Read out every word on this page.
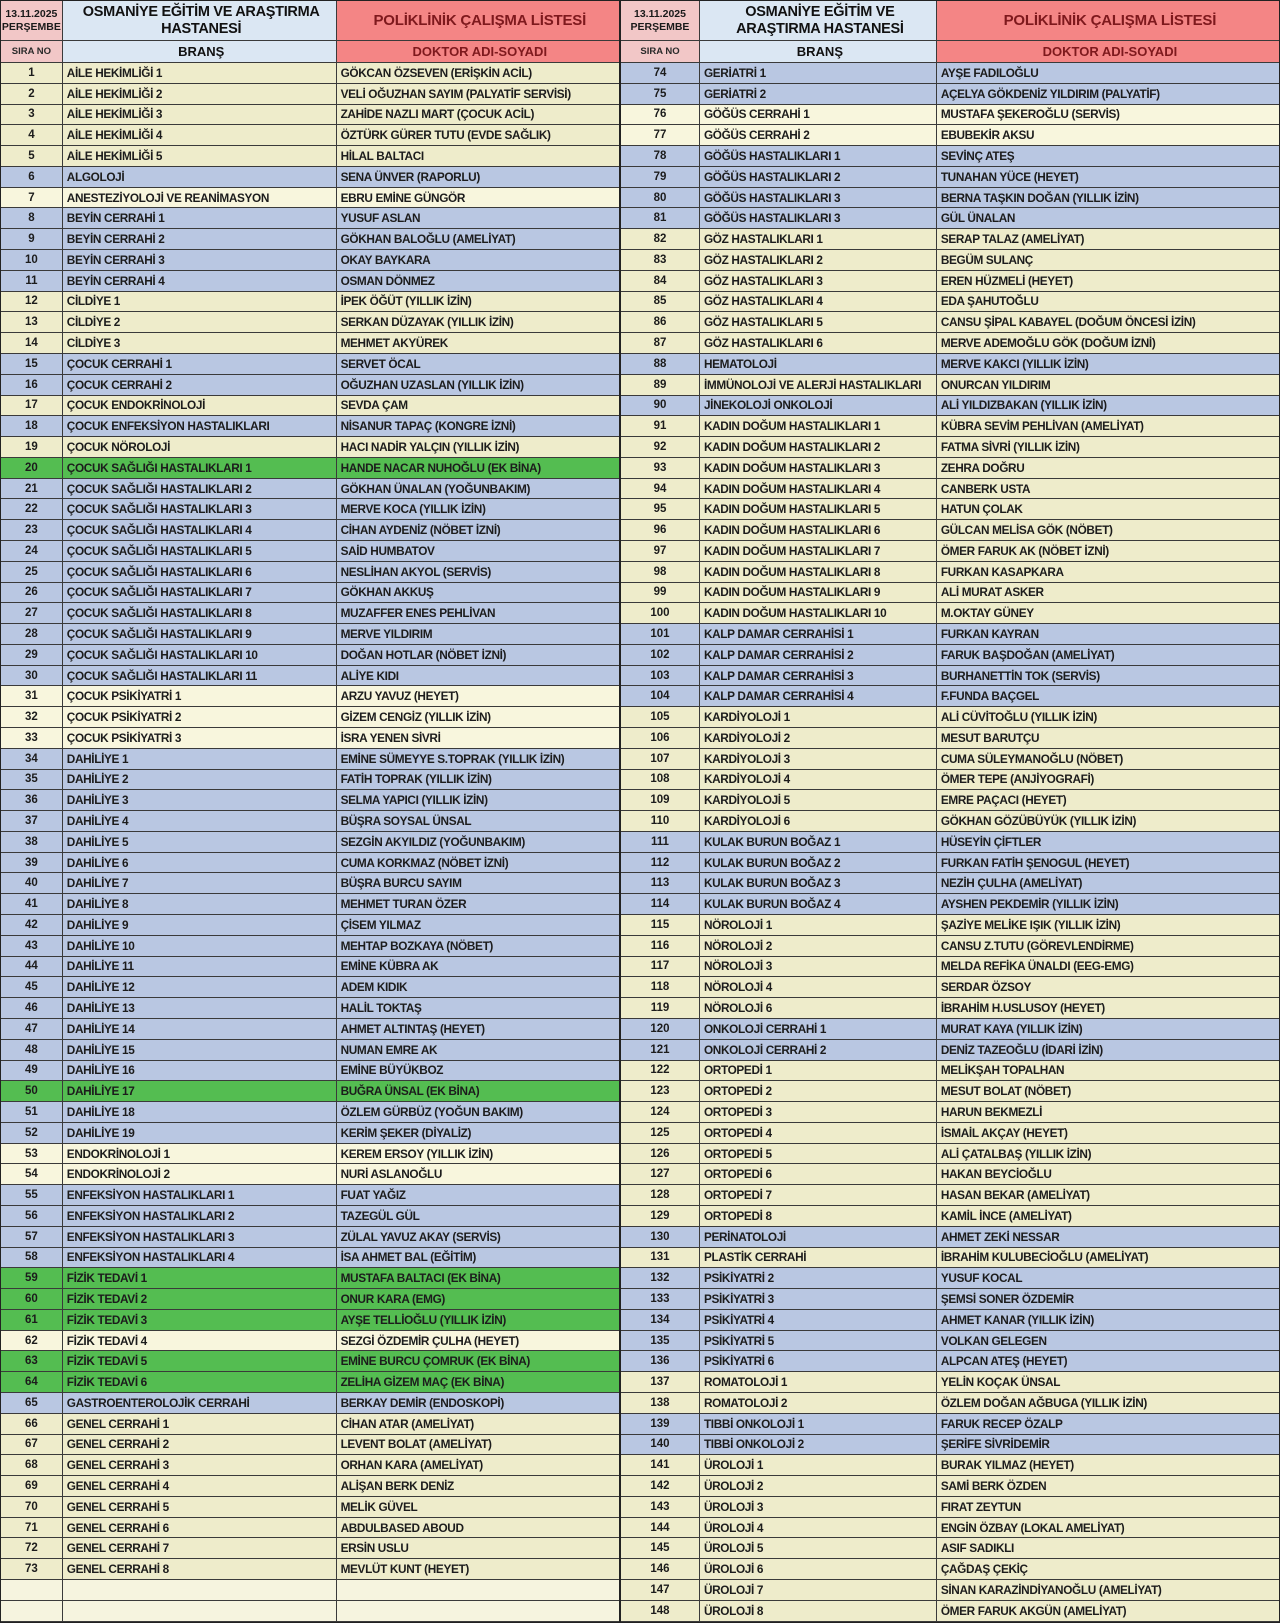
13.11.2025
PERŞEMBE
OSMANİYE EĞİTİM VE ARAŞTIRMA HASTANESİ	POLİKLİNİK ÇALIŞMA LİSTESİ
SIRA NO	BRANŞ	DOKTOR ADI-SOYADI
1	AİLE HEKİMLİĞİ 1	GÖKCAN ÖZSEVEN (ERİŞKİN ACİL)
2	AİLE HEKİMLİĞİ 2	VELİ OĞUZHAN SAYIM (PALYATİF SERVİSİ)
3	AİLE HEKİMLİĞİ 3	ZAHİDE NAZLI MART (ÇOCUK ACİL)
4	AİLE HEKİMLİĞİ 4	ÖZTÜRK GÜRER TUTU (EVDE SAĞLIK)
5	AİLE HEKİMLİĞİ 5	HİLAL BALTACI
6	ALGOLOJİ	SENA ÜNVER (RAPORLU)
7	ANESTEZİYOLOJİ VE REANİMASYON	EBRU EMİNE GÜNGÖR
8	BEYİN CERRAHİ 1	YUSUF ASLAN
9	BEYİN CERRAHİ 2	GÖKHAN BALOĞLU (AMELİYAT)
10	BEYİN CERRAHİ 3	OKAY BAYKARA
11	BEYİN CERRAHİ 4	OSMAN DÖNMEZ
12	CİLDİYE 1	İPEK ÖĞÜT (YILLIK İZİN)
13	CİLDİYE 2	SERKAN DÜZAYAK (YILLIK İZİN)
14	CİLDİYE 3	MEHMET AKYÜREK
15	ÇOCUK CERRAHİ 1	SERVET ÖCAL
16	ÇOCUK CERRAHİ 2	OĞUZHAN UZASLAN (YILLIK İZİN)
17	ÇOCUK ENDOKRİNOLOJİ	SEVDA ÇAM
18	ÇOCUK ENFEKSİYON HASTALIKLARI	NİSANUR TAPAÇ (KONGRE İZNİ)
19	ÇOCUK NÖROLOJİ	HACI NADİR YALÇIN (YILLIK İZİN)
20	ÇOCUK SAĞLIĞI HASTALIKLARI 1	HANDE NACAR NUHOĞLU (EK BİNA)
21	ÇOCUK SAĞLIĞI HASTALIKLARI 2	GÖKHAN ÜNALAN (YOĞUNBAKIM)
22	ÇOCUK SAĞLIĞI HASTALIKLARI 3	MERVE KOCA (YILLIK İZİN)
23	ÇOCUK SAĞLIĞI HASTALIKLARI 4	CİHAN AYDENİZ (NÖBET İZNİ)
24	ÇOCUK SAĞLIĞI HASTALIKLARI 5	SAİD HUMBATOV
25	ÇOCUK SAĞLIĞI HASTALIKLARI 6	NESLİHAN AKYOL (SERVİS)
26	ÇOCUK SAĞLIĞI HASTALIKLARI 7	GÖKHAN AKKUŞ
27	ÇOCUK SAĞLIĞI HASTALIKLARI 8	MUZAFFER ENES PEHLİVAN
28	ÇOCUK SAĞLIĞI HASTALIKLARI 9	MERVE YILDIRIM
29	ÇOCUK SAĞLIĞI HASTALIKLARI 10	DOĞAN HOTLAR (NÖBET İZNİ)
30	ÇOCUK SAĞLIĞI HASTALIKLARI 11	ALİYE KIDI
31	ÇOCUK PSİKİYATRİ 1	ARZU YAVUZ (HEYET)
32	ÇOCUK PSİKİYATRİ 2	GİZEM CENGİZ (YILLIK İZİN)
33	ÇOCUK PSİKİYATRİ 3	İSRA YENEN SİVRİ
34	DAHİLİYE 1	EMİNE SÜMEYYE S.TOPRAK (YILLIK İZİN)
35	DAHİLİYE 2	FATİH TOPRAK (YILLIK İZİN)
36	DAHİLİYE 3	SELMA YAPICI (YILLIK İZİN)
37	DAHİLİYE 4	BÜŞRA SOYSAL ÜNSAL
38	DAHİLİYE 5	SEZGİN AKYILDIZ (YOĞUNBAKIM)
39	DAHİLİYE 6	CUMA KORKMAZ (NÖBET İZNİ)
40	DAHİLİYE 7	BÜŞRA BURCU SAYIM
41	DAHİLİYE 8	MEHMET TURAN ÖZER
42	DAHİLİYE 9	ÇİSEM YILMAZ
43	DAHİLİYE 10	MEHTAP BOZKAYA (NÖBET)
44	DAHİLİYE 11	EMİNE KÜBRA AK
45	DAHİLİYE 12	ADEM KIDIK
46	DAHİLİYE 13	HALİL TOKTAŞ
47	DAHİLİYE 14	AHMET ALTINTAŞ (HEYET)
48	DAHİLİYE 15	NUMAN EMRE AK
49	DAHİLİYE 16	EMİNE BÜYÜKBOZ
50	DAHİLİYE 17	BUĞRA ÜNSAL (EK BİNA)
51	DAHİLİYE 18	ÖZLEM GÜRBÜZ (YOĞUN BAKIM)
52	DAHİLİYE 19	KERİM ŞEKER (DİYALİZ)
53	ENDOKRİNOLOJİ 1	KEREM ERSOY (YILLIK İZİN)
54	ENDOKRİNOLOJİ 2	NURİ ASLANOĞLU
55	ENFEKSİYON HASTALIKLARI 1	FUAT YAĞIZ
56	ENFEKSİYON HASTALIKLARI 2	TAZEGÜL GÜL
57	ENFEKSİYON HASTALIKLARI 3	ZÜLAL YAVUZ AKAY (SERVİS)
58	ENFEKSİYON HASTALIKLARI 4	İSA AHMET BAL (EĞİTİM)
59	FİZİK TEDAVİ 1	MUSTAFA BALTACI (EK BİNA)
60	FİZİK TEDAVİ 2	ONUR KARA (EMG)
61	FİZİK TEDAVİ 3	AYŞE TELLİOĞLU (YILLIK İZİN)
62	FİZİK TEDAVİ 4	SEZGİ ÖZDEMİR ÇULHA (HEYET)
63	FİZİK TEDAVİ 5	EMİNE BURCU ÇOMRUK (EK BİNA)
64	FİZİK TEDAVİ 6	ZELİHA GİZEM MAÇ (EK BİNA)
65	GASTROENTEROLOJİK CERRAHİ	BERKAY DEMİR (ENDOSKOPİ)
66	GENEL CERRAHİ 1	CİHAN ATAR (AMELİYAT)
67	GENEL CERRAHİ 2	LEVENT BOLAT (AMELİYAT)
68	GENEL CERRAHİ 3	ORHAN KARA (AMELİYAT)
69	GENEL CERRAHİ 4	ALİŞAN BERK DENİZ
70	GENEL CERRAHİ 5	MELİK GÜVEL
71	GENEL CERRAHİ 6	ABDULBASED ABOUD
72	GENEL CERRAHİ 7	ERSİN USLU
73	GENEL CERRAHİ 8	MEVLÜT KUNT (HEYET)
13.11.2025
PERŞEMBE
OSMANİYE EĞİTİM VE ARAŞTIRMA HASTANESİ	POLİKLİNİK ÇALIŞMA LİSTESİ
SIRA NO	BRANŞ	DOKTOR ADI-SOYADI
74	GERİATRİ 1	AYŞE FADILOĞLU
75	GERİATRİ 2	AÇELYA GÖKDENİZ YILDIRIM (PALYATİF)
76	GÖĞÜS CERRAHİ 1	MUSTAFA ŞEKEROĞLU (SERVİS)
77	GÖĞÜS CERRAHİ 2	EBUBEKİR AKSU
78	GÖĞÜS HASTALIKLARI 1	SEVİNÇ ATEŞ
79	GÖĞÜS HASTALIKLARI 2	TUNAHAN YÜCE (HEYET)
80	GÖĞÜS HASTALIKLARI 3	BERNA TAŞKIN DOĞAN (YILLIK İZİN)
81	GÖĞÜS HASTALIKLARI 3	GÜL ÜNALAN
82	GÖZ HASTALIKLARI 1	SERAP TALAZ (AMELİYAT)
83	GÖZ HASTALIKLARI 2	BEGÜM SULANÇ
84	GÖZ HASTALIKLARI 3	EREN HÜZMELİ (HEYET)
85	GÖZ HASTALIKLARI 4	EDA ŞAHUTOĞLU
86	GÖZ HASTALIKLARI 5	CANSU ŞİPAL KABAYEL (DOĞUM ÖNCESİ İZİN)
87	GÖZ HASTALIKLARI 6	MERVE ADEMOĞLU GÖK (DOĞUM İZNİ)
88	HEMATOLOJİ	MERVE KAKCI (YILLIK İZİN)
89	İMMÜNOLOJİ VE ALERJİ HASTALIKLARI	ONURCAN YILDIRIM
90	JİNEKOLOJİ ONKOLOJİ	ALİ YILDIZBAKAN (YILLIK İZİN)
91	KADIN DOĞUM HASTALIKLARI 1	KÜBRA SEVİM PEHLİVAN (AMELİYAT)
92	KADIN DOĞUM HASTALIKLARI 2	FATMA SİVRİ (YILLIK İZİN)
93	KADIN DOĞUM HASTALIKLARI 3	ZEHRA DOĞRU
94	KADIN DOĞUM HASTALIKLARI 4	CANBERK USTA
95	KADIN DOĞUM HASTALIKLARI 5	HATUN ÇOLAK
96	KADIN DOĞUM HASTALIKLARI 6	GÜLCAN MELİSA GÖK (NÖBET)
97	KADIN DOĞUM HASTALIKLARI 7	ÖMER FARUK AK (NÖBET İZNİ)
98	KADIN DOĞUM HASTALIKLARI 8	FURKAN KASAPKARA
99	KADIN DOĞUM HASTALIKLARI 9	ALİ MURAT ASKER
100	KADIN DOĞUM HASTALIKLARI 10	M.OKTAY GÜNEY
101	KALP DAMAR CERRAHİSİ 1	FURKAN KAYRAN
102	KALP DAMAR CERRAHİSİ 2	FARUK BAŞDOĞAN (AMELİYAT)
103	KALP DAMAR CERRAHİSİ 3	BURHANETTİN TOK (SERVİS)
104	KALP DAMAR CERRAHİSİ 4	F.FUNDA BAÇGEL
105	KARDİYOLOJİ 1	ALİ CÜVİTOĞLU (YILLIK İZİN)
106	KARDİYOLOJİ 2	MESUT BARUTÇU
107	KARDİYOLOJİ 3	CUMA SÜLEYMANOĞLU (NÖBET)
108	KARDİYOLOJİ 4	ÖMER TEPE (ANJİYOGRAFİ)
109	KARDİYOLOJİ 5	EMRE PAÇACI (HEYET)
110	KARDİYOLOJİ 6	GÖKHAN GÖZÜBÜYÜK (YILLIK İZİN)
111	KULAK BURUN BOĞAZ 1	HÜSEYİN ÇİFTLER
112	KULAK BURUN BOĞAZ 2	FURKAN FATİH ŞENOGUL (HEYET)
113	KULAK BURUN BOĞAZ 3	NEZİH ÇULHA (AMELİYAT)
114	KULAK BURUN BOĞAZ 4	AYSHEN PEKDEMİR (YILLIK İZİN)
115	NÖROLOJİ 1	ŞAZİYE MELİKE IŞIK (YILLIK İZİN)
116	NÖROLOJİ 2	CANSU Z.TUTU (GÖREVLENDİRME)
117	NÖROLOJİ 3	MELDA REFİKA ÜNALDI (EEG-EMG)
118	NÖROLOJİ 4	SERDAR ÖZSOY
119	NÖROLOJİ 6	İBRAHİM H.USLUSOY (HEYET)
120	ONKOLOJİ CERRAHİ 1	MURAT KAYA (YILLIK İZİN)
121	ONKOLOJİ CERRAHİ 2	DENİZ TAZEOĞLU (İDARİ İZİN)
122	ORTOPEDİ 1	MELİKŞAH TOPALHAN
123	ORTOPEDİ 2	MESUT BOLAT (NÖBET)
124	ORTOPEDİ 3	HARUN BEKMEZLİ
125	ORTOPEDİ 4	İSMAİL AKÇAY (HEYET)
126	ORTOPEDİ 5	ALİ ÇATALBAŞ (YILLIK İZİN)
127	ORTOPEDİ 6	HAKAN BEYCİOĞLU
128	ORTOPEDİ 7	HASAN BEKAR (AMELİYAT)
129	ORTOPEDİ 8	KAMİL İNCE (AMELİYAT)
130	PERİNATOLOJİ	AHMET ZEKİ NESSAR
131	PLASTİK CERRAHİ	İBRAHİM KULUBECİOĞLU (AMELİYAT)
132	PSİKİYATRİ 2	YUSUF KOCAL
133	PSİKİYATRİ 3	ŞEMSİ SONER ÖZDEMİR
134	PSİKİYATRİ 4	AHMET KANAR (YILLIK İZİN)
135	PSİKİYATRİ 5	VOLKAN GELEGEN
136	PSİKİYATRİ 6	ALPCAN ATEŞ (HEYET)
137	ROMATOLOJİ 1	YELİN KOÇAK ÜNSAL
138	ROMATOLOJİ 2	ÖZLEM DOĞAN AĞBUGA (YILLIK İZİN)
139	TIBBİ ONKOLOJİ 1	FARUK RECEP ÖZALP
140	TIBBİ ONKOLOJİ 2	ŞERİFE SİVRİDEMİR
141	ÜROLOJİ 1	BURAK YILMAZ (HEYET)
142	ÜROLOJİ 2	SAMİ BERK ÖZDEN
143	ÜROLOJİ 3	FIRAT ZEYTUN
144	ÜROLOJİ 4	ENGİN ÖZBAY (LOKAL AMELİYAT)
145	ÜROLOJİ 5	ASIF SADIKLI
146	ÜROLOJİ 6	ÇAĞDAŞ ÇEKİÇ
147	ÜROLOJİ 7	SİNAN KARAZİNDİYANOĞLU (AMELİYAT)
148	ÜROLOJİ 8	ÖMER FARUK AKGÜN (AMELİYAT)
